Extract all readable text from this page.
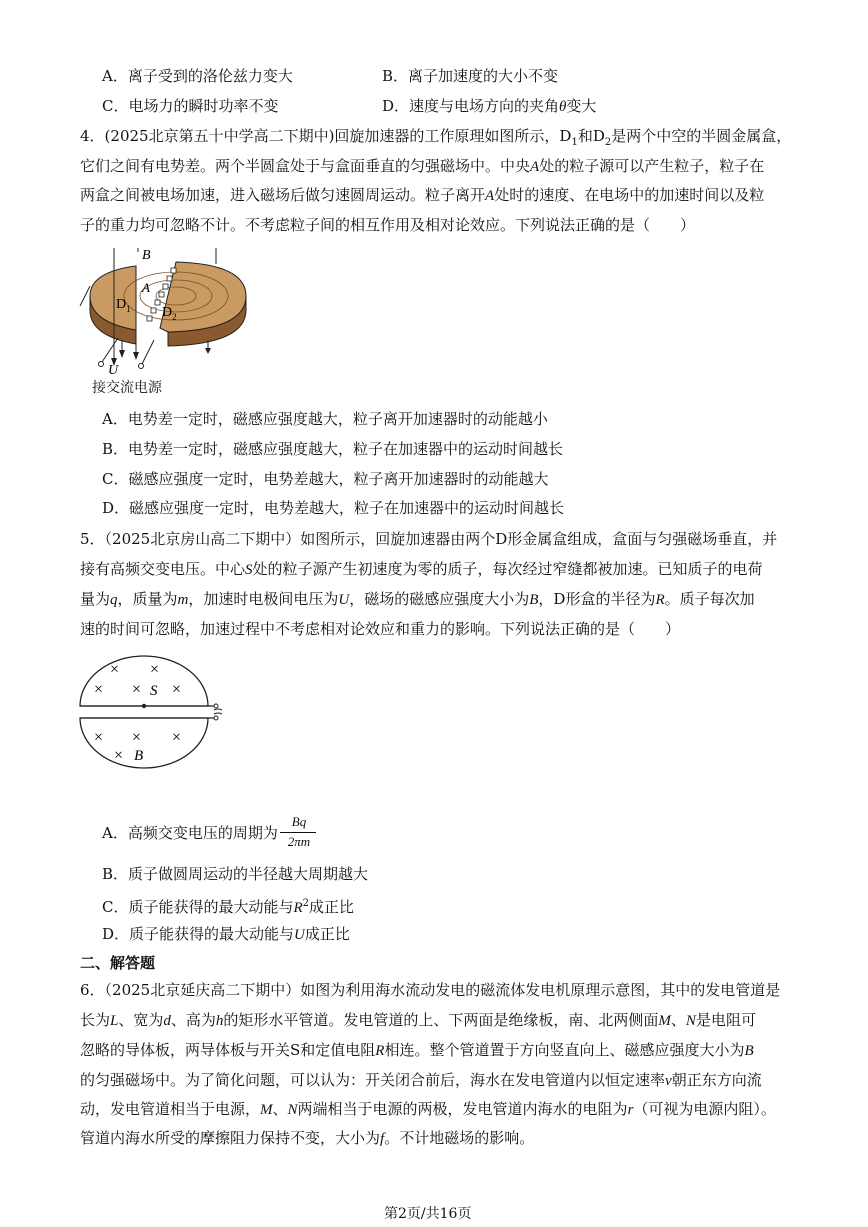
A．离子受到的洛伦兹力变大	B．离子加速度的大小不变
C．电场力的瞬时功率不变	D．速度与电场方向的夹角θ变大
4．(2025北京第五十中学高二下期中)回旋加速器的工作原理如图所示，$D_1$和$D_2$是两个中空的半圆金属盒，
它们之间有电势差。两个半圆盒处于与盒面垂直的匀强磁场中。中央A处的粒子源可以产生粒子，粒子在
两盒之间被电场加速，进入磁场后做匀速圆周运动。粒子离开A处时的速度、在电场中的加速时间以及粒
子的重力均可忽略不计。不考虑粒子间的相互作用及相对论效应。下列说法正确的是（　　）
B
A
$D_1$ $D_2$
U
接交流电源
A．电势差一定时，磁感应强度越大，粒子离开加速器时的动能越小
B．电势差一定时，磁感应强度越大，粒子在加速器中的运动时间越长
C．磁感应强度一定时，电势差越大，粒子离开加速器时的动能越大
D．磁感应强度一定时，电势差越大，粒子在加速器中的运动时间越长
5．（2025北京房山高二下期中）如图所示，回旋加速器由两个D形金属盒组成，盒面与匀强磁场垂直，并
接有高频交变电压。中心S处的粒子源产生初速度为零的质子，每次经过窄缝都被加速。已知质子的电荷
量为q，质量为m，加速时电极间电压为U，磁场的磁感应强度大小为B，D形盒的半径为R。质子每次加
速的时间可忽略，加速过程中不考虑相对论效应和重力的影响。下列说法正确的是（　　）
× ×
× × ×
× × ×
×
S
B
A．高频交变电压的周期为
Bq
2πm
B．质子做圆周运动的半径越大周期越大
C．质子能获得的最大动能与$R^2$成正比
D．质子能获得的最大动能与U成正比
二、解答题
6．（2025北京延庆高二下期中）如图为利用海水流动发电的磁流体发电机原理示意图，其中的发电管道是
长为L、宽为d、高为h的矩形水平管道。发电管道的上、下两面是绝缘板，南、北两侧面M、N是电阻可
忽略的导体板，两导体板与开关S和定值电阻R相连。整个管道置于方向竖直向上、磁感应强度大小为B
的匀强磁场中。为了简化问题，可以认为：开关闭合前后，海水在发电管道内以恒定速率v朝正东方向流
动，发电管道相当于电源，M、N两端相当于电源的两极，发电管道内海水的电阻为r（可视为电源内阻）。
管道内海水所受的摩擦阻力保持不变，大小为f。不计地磁场的影响。
第2页/共16页
